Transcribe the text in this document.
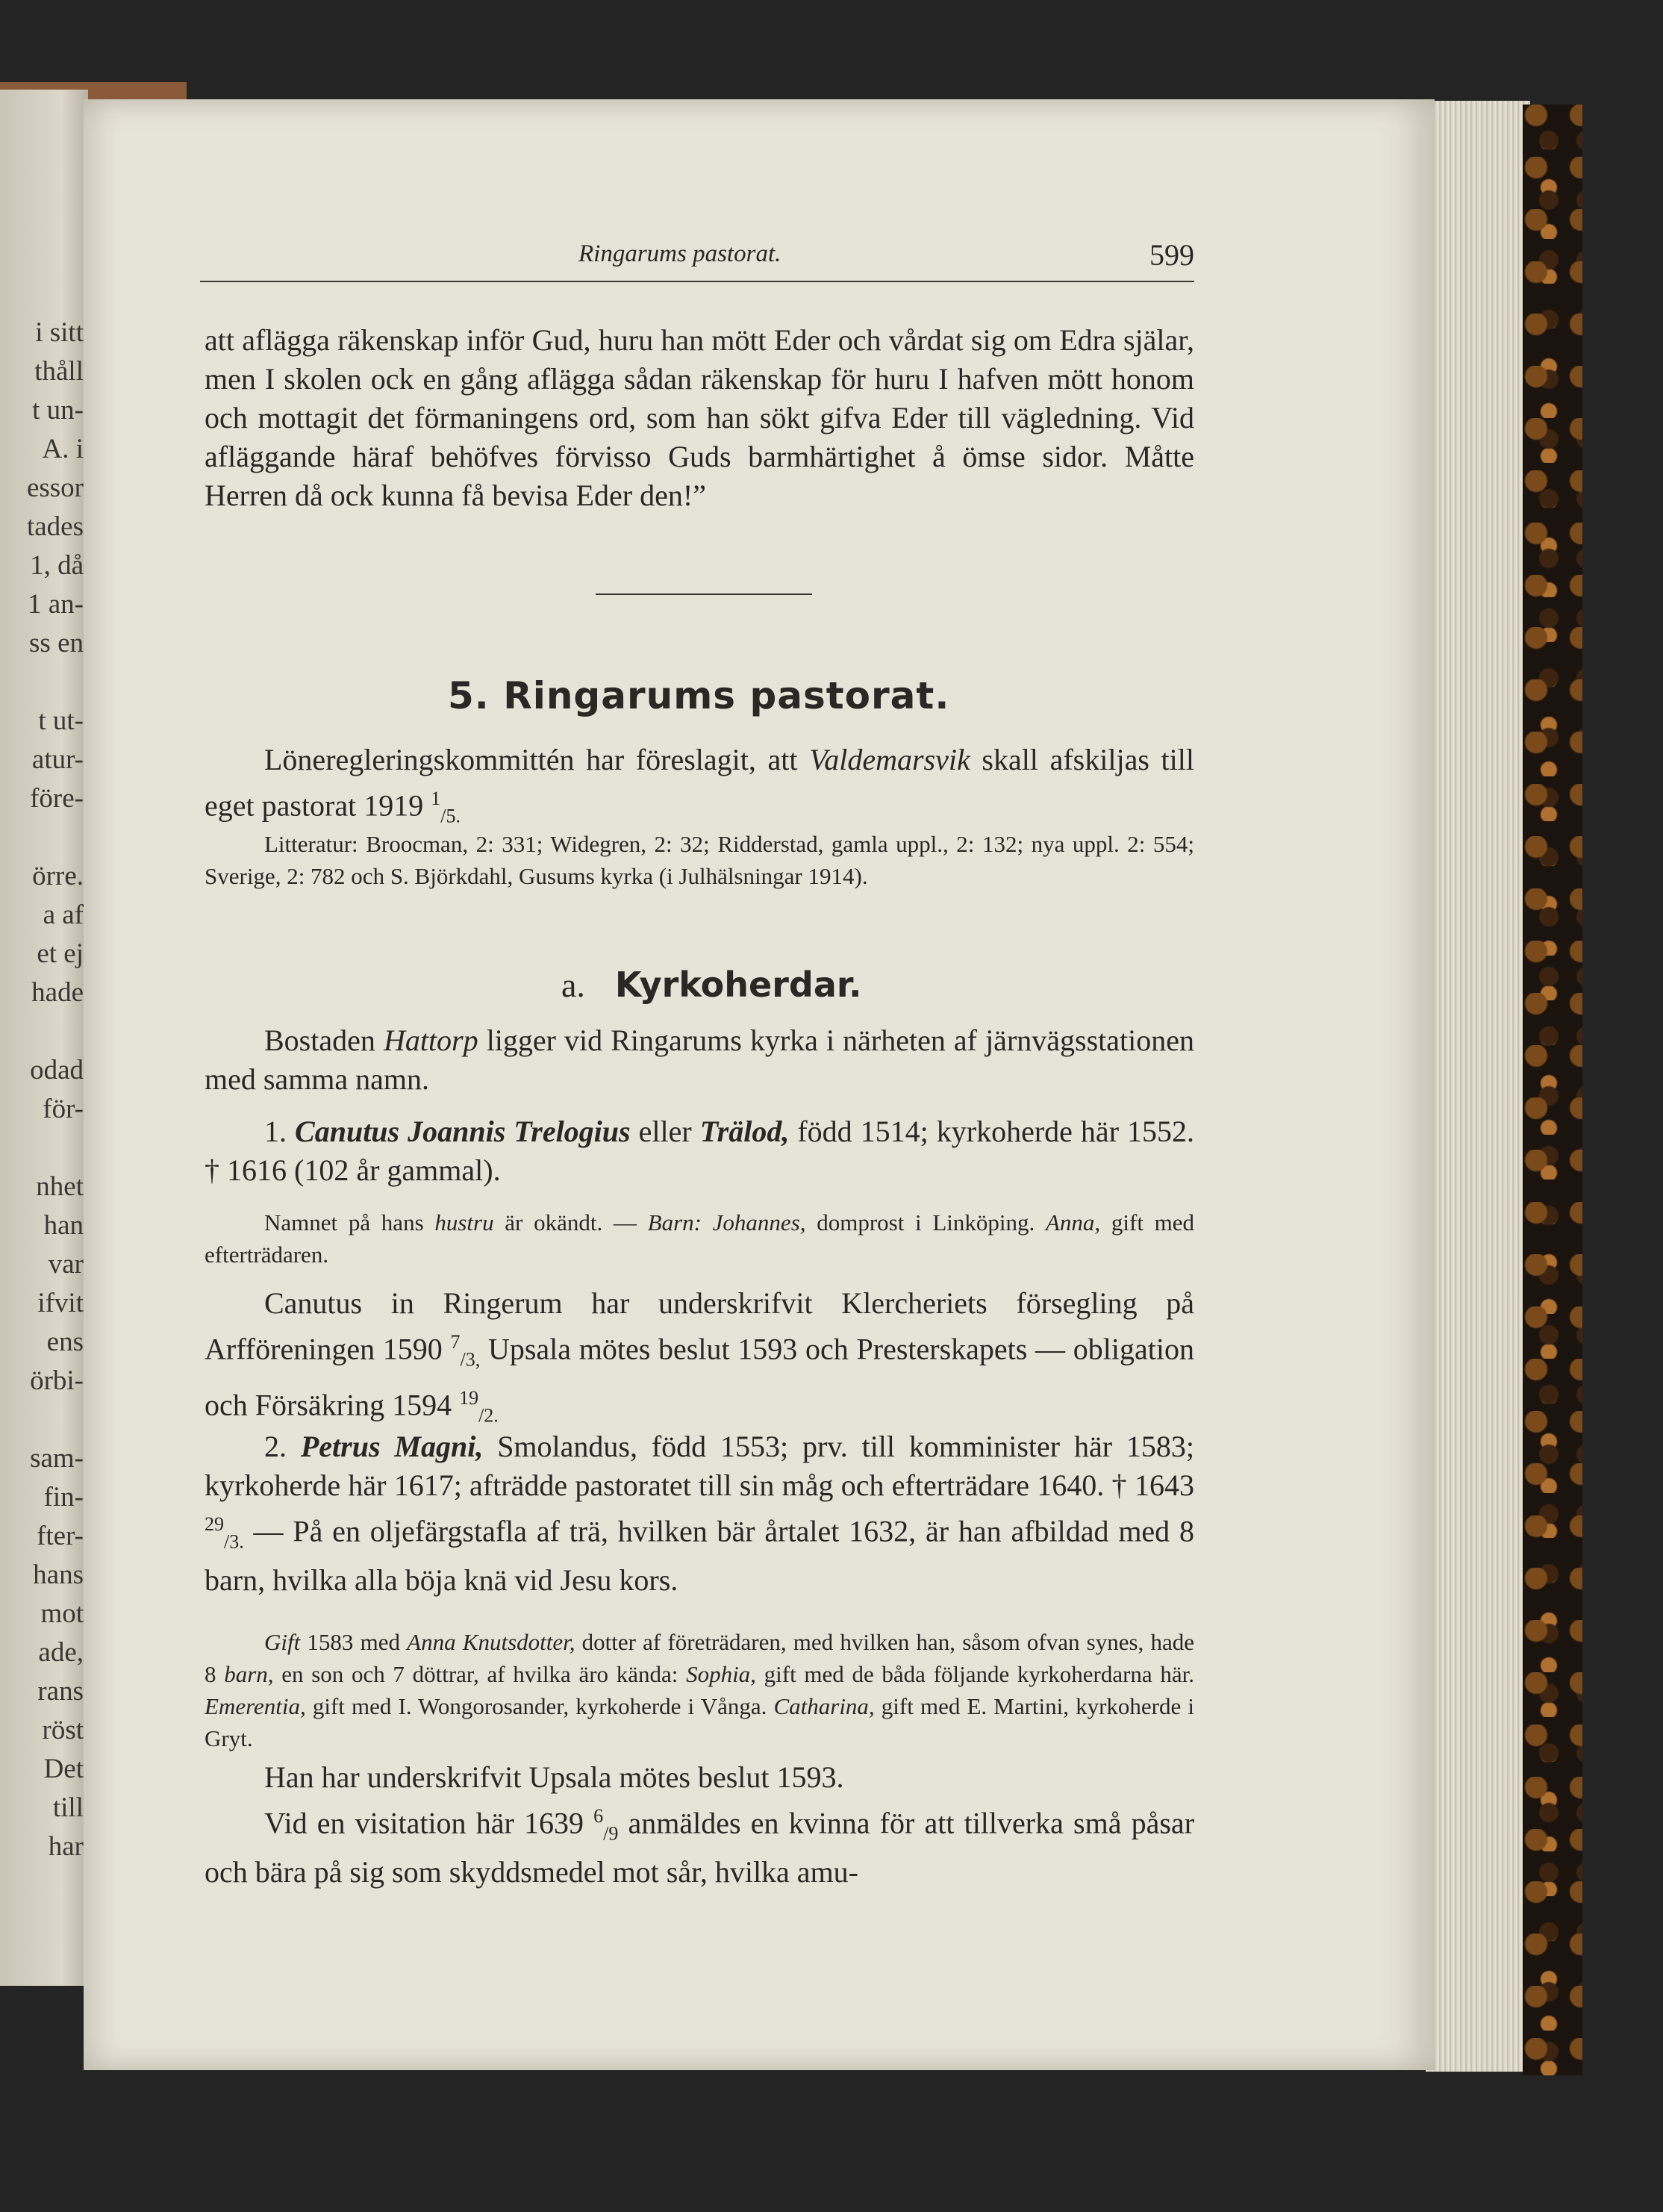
i sitt
thåll
t un-
A. i
essor
tades
1, då
1 an-
ss en

t ut-
atur-
före-

örre.
a af
et ej
hade

odad
för-

nhet
han
var
ifvit
ens
örbi-

sam-
fin-
fter-
hans
mot
ade,
rans
röst
Det
till
har
Ringarums pastorat.	599
att aflägga räkenskap inför Gud, huru han mött Eder och vårdat sig om Edra själar, men I skolen ock en gång aflägga sådan räkenskap för huru I hafven mött honom och mottagit det förmaningens ord, som han sökt gifva Eder till vägledning. Vid afläggande häraf behöfves förvisso Guds barmhärtighet å ömse sidor. Måtte Herren då ock kunna få bevisa Eder den!”
5. Ringarums pastorat.
Löneregleringskommittén har föreslagit, att Valdemarsvik skall afskiljas till eget pastorat 1919 $^1_{/5.}$
Litteratur: Broocman, 2: 331; Widegren, 2: 32; Ridderstad, gamla uppl., 2: 132; nya uppl. 2: 554; Sverige, 2: 782 och S. Björkdahl, Gusums kyrka (i Julhälsningar 1914).
a. Kyrkoherdar.
Bostaden Hattorp ligger vid Ringarums kyrka i närheten af järnvägsstationen med samma namn.
1. Canutus Joannis Trelogius eller Trälod, född 1514; kyrkoherde här 1552. † 1616 (102 år gammal).
Namnet på hans hustru är okändt. — Barn: Johannes, domprost i Linköping. Anna, gift med efterträdaren.
Canutus in Ringerum har underskrifvit Klercheriets försegling på Arfföreningen 1590 $^7_{/3,}$ Upsala mötes beslut 1593 och Presterskapets — obligation och Försäkring 1594 $^{19}_{/2.}$
2. Petrus Magni, Smolandus, född 1553; prv. till komminister här 1583; kyrkoherde här 1617; afträdde pastoratet till sin måg och efterträdare 1640. † 1643 $^{29}_{/3.}$ — På en oljefärgstafla af trä, hvilken bär årtalet 1632, är han afbildad med 8 barn, hvilka alla böja knä vid Jesu kors.
Gift 1583 med Anna Knutsdotter, dotter af företrädaren, med hvilken han, såsom ofvan synes, hade 8 barn, en son och 7 döttrar, af hvilka äro kända: Sophia, gift med de båda följande kyrkoherdarna här. Emerentia, gift med I. Wongorosander, kyrkoherde i Vånga. Catharina, gift med E. Martini, kyrkoherde i Gryt.
Han har underskrifvit Upsala mötes beslut 1593.
Vid en visitation här 1639 $^6_{/9}$ anmäldes en kvinna för att tillverka små påsar och bära på sig som skyddsmedel mot sår, hvilka amu-
